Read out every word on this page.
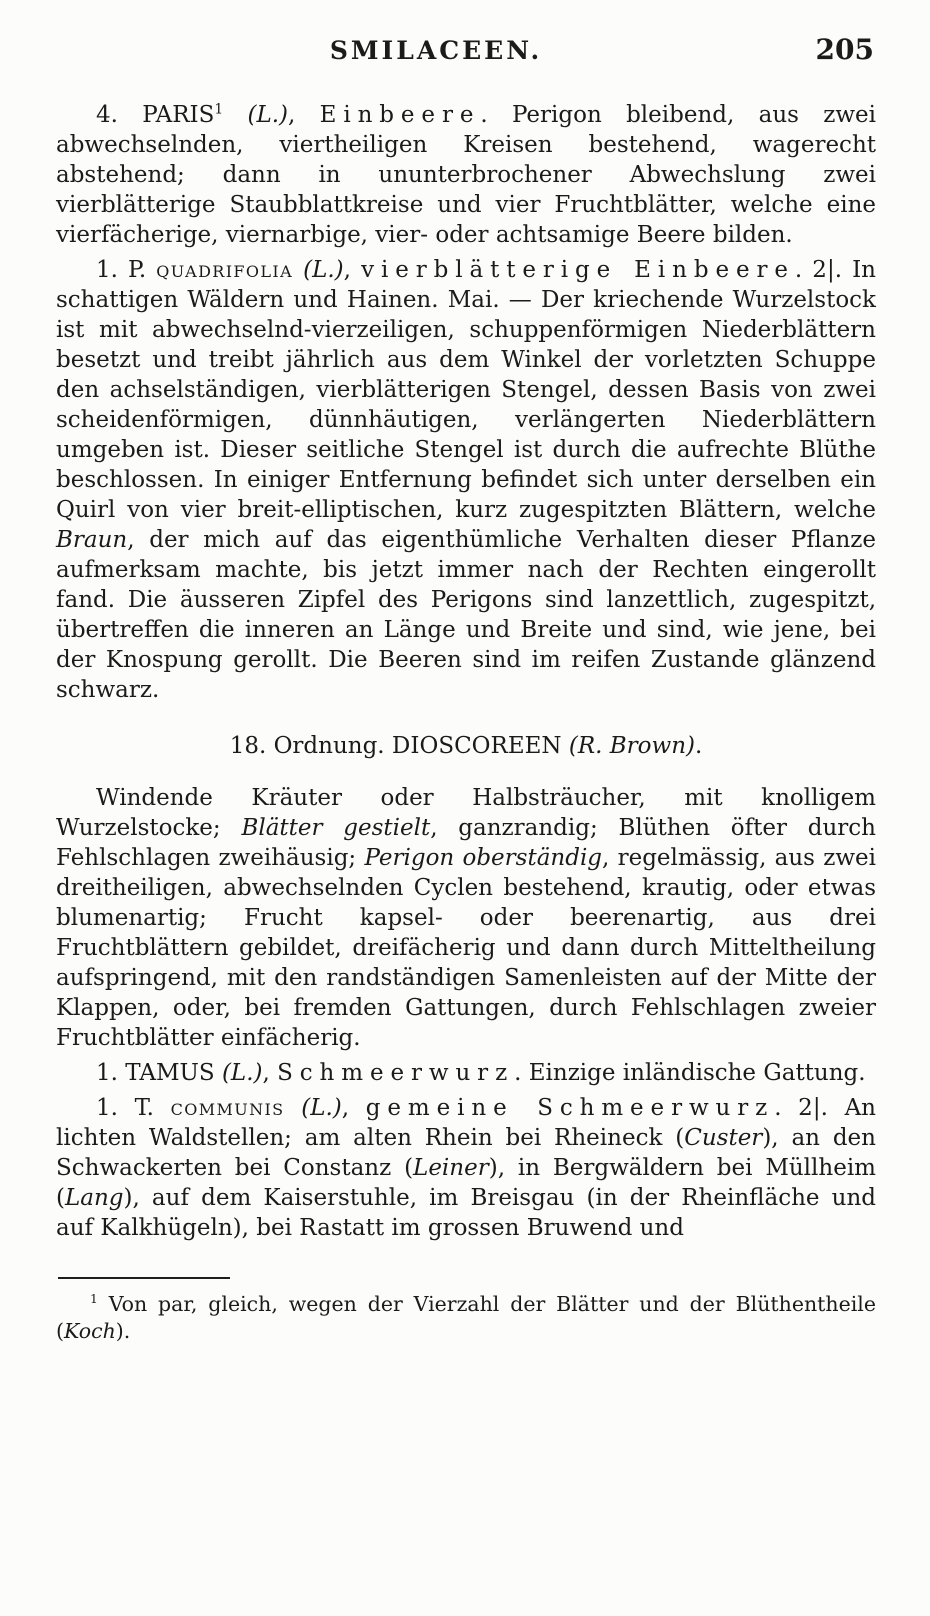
SMILACEEN.	205

4. PARIS$^1$ (L.), Einbeere. Perigon bleibend, aus zwei abwechselnden, viertheiligen Kreisen bestehend, wagerecht abstehend; dann in ununterbrochener Abwechslung zwei vierblätterige Staubblattkreise und vier Fruchtblätter, welche eine vierfächerige, viernarbige, vier- oder achtsamige Beere bilden.

1. P. quadrifolia (L.), vierblätterige Einbeere. 2|. In schattigen Wäldern und Hainen. Mai. — Der kriechende Wurzelstock ist mit abwechselnd-vierzeiligen, schuppenförmigen Niederblättern besetzt und treibt jährlich aus dem Winkel der vorletzten Schuppe den achselständigen, vierblätterigen Stengel, dessen Basis von zwei scheidenförmigen, dünnhäutigen, verlängerten Niederblättern umgeben ist. Dieser seitliche Stengel ist durch die aufrechte Blüthe beschlossen. In einiger Entfernung befindet sich unter derselben ein Quirl von vier breit-elliptischen, kurz zugespitzten Blättern, welche Braun, der mich auf das eigenthümliche Verhalten dieser Pflanze aufmerksam machte, bis jetzt immer nach der Rechten eingerollt fand. Die äusseren Zipfel des Perigons sind lanzettlich, zugespitzt, übertreffen die inneren an Länge und Breite und sind, wie jene, bei der Knospung gerollt. Die Beeren sind im reifen Zustande glänzend schwarz.

18. Ordnung. DIOSCOREEN (R. Brown).

Windende Kräuter oder Halbsträucher, mit knolligem Wurzelstocke; Blätter gestielt, ganzrandig; Blüthen öfter durch Fehlschlagen zweihäusig; Perigon oberständig, regelmässig, aus zwei dreitheiligen, abwechselnden Cyclen bestehend, krautig, oder etwas blumenartig; Frucht kapsel- oder beerenartig, aus drei Fruchtblättern gebildet, dreifächerig und dann durch Mitteltheilung aufspringend, mit den randständigen Samenleisten auf der Mitte der Klappen, oder, bei fremden Gattungen, durch Fehlschlagen zweier Fruchtblätter einfächerig.

1. TAMUS (L.), Schmeerwurz. Einzige inländische Gattung.

1. T. communis (L.), gemeine Schmeerwurz. 2|. An lichten Waldstellen; am alten Rhein bei Rheineck (Custer), an den Schwackerten bei Constanz (Leiner), in Bergwäldern bei Müllheim (Lang), auf dem Kaiserstuhle, im Breisgau (in der Rheinfläche und auf Kalkhügeln), bei Rastatt im grossen Bruwend und

$^1$ Von par, gleich, wegen der Vierzahl der Blätter und der Blüthentheile (Koch).
